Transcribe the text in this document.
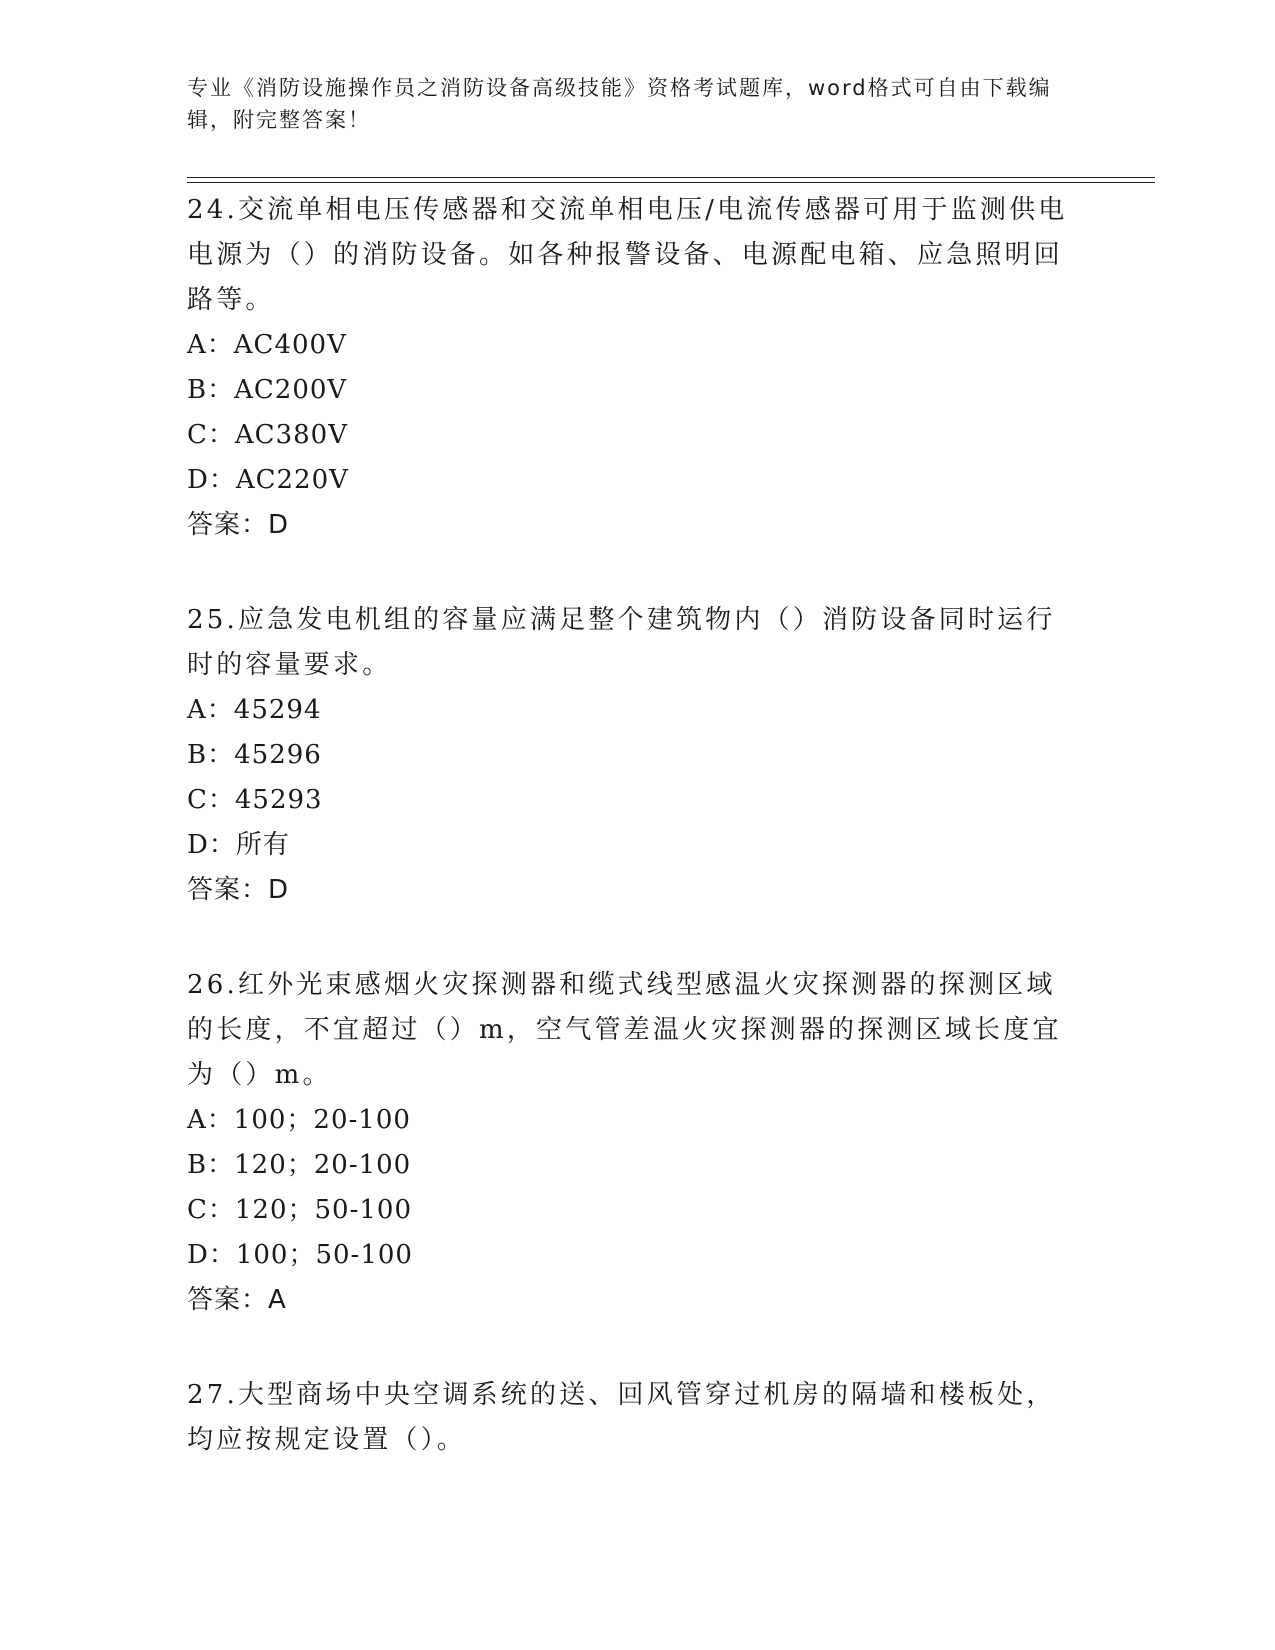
专业《消防设施操作员之消防设备高级技能》资格考试题库，word格式可自由下载编辑，附完整答案！

24.交流单相电压传感器和交流单相电压/电流传感器可用于监测供电电源为（）的消防设备。如各种报警设备、电源配电箱、应急照明回路等。

A：AC400V

B：AC200V

C：AC380V

D：AC220V

答案：D

25.应急发电机组的容量应满足整个建筑物内（）消防设备同时运行时的容量要求。

A：45294

B：45296

C：45293

D：所有

答案：D

26.红外光束感烟火灾探测器和缆式线型感温火灾探测器的探测区域的长度，不宜超过（）m，空气管差温火灾探测器的探测区域长度宜为（）m。

A：100；20-100

B：120；20-100

C：120；50-100

D：100；50-100

答案：A

27.大型商场中央空调系统的送、回风管穿过机房的隔墙和楼板处，均应按规定设置（）。
